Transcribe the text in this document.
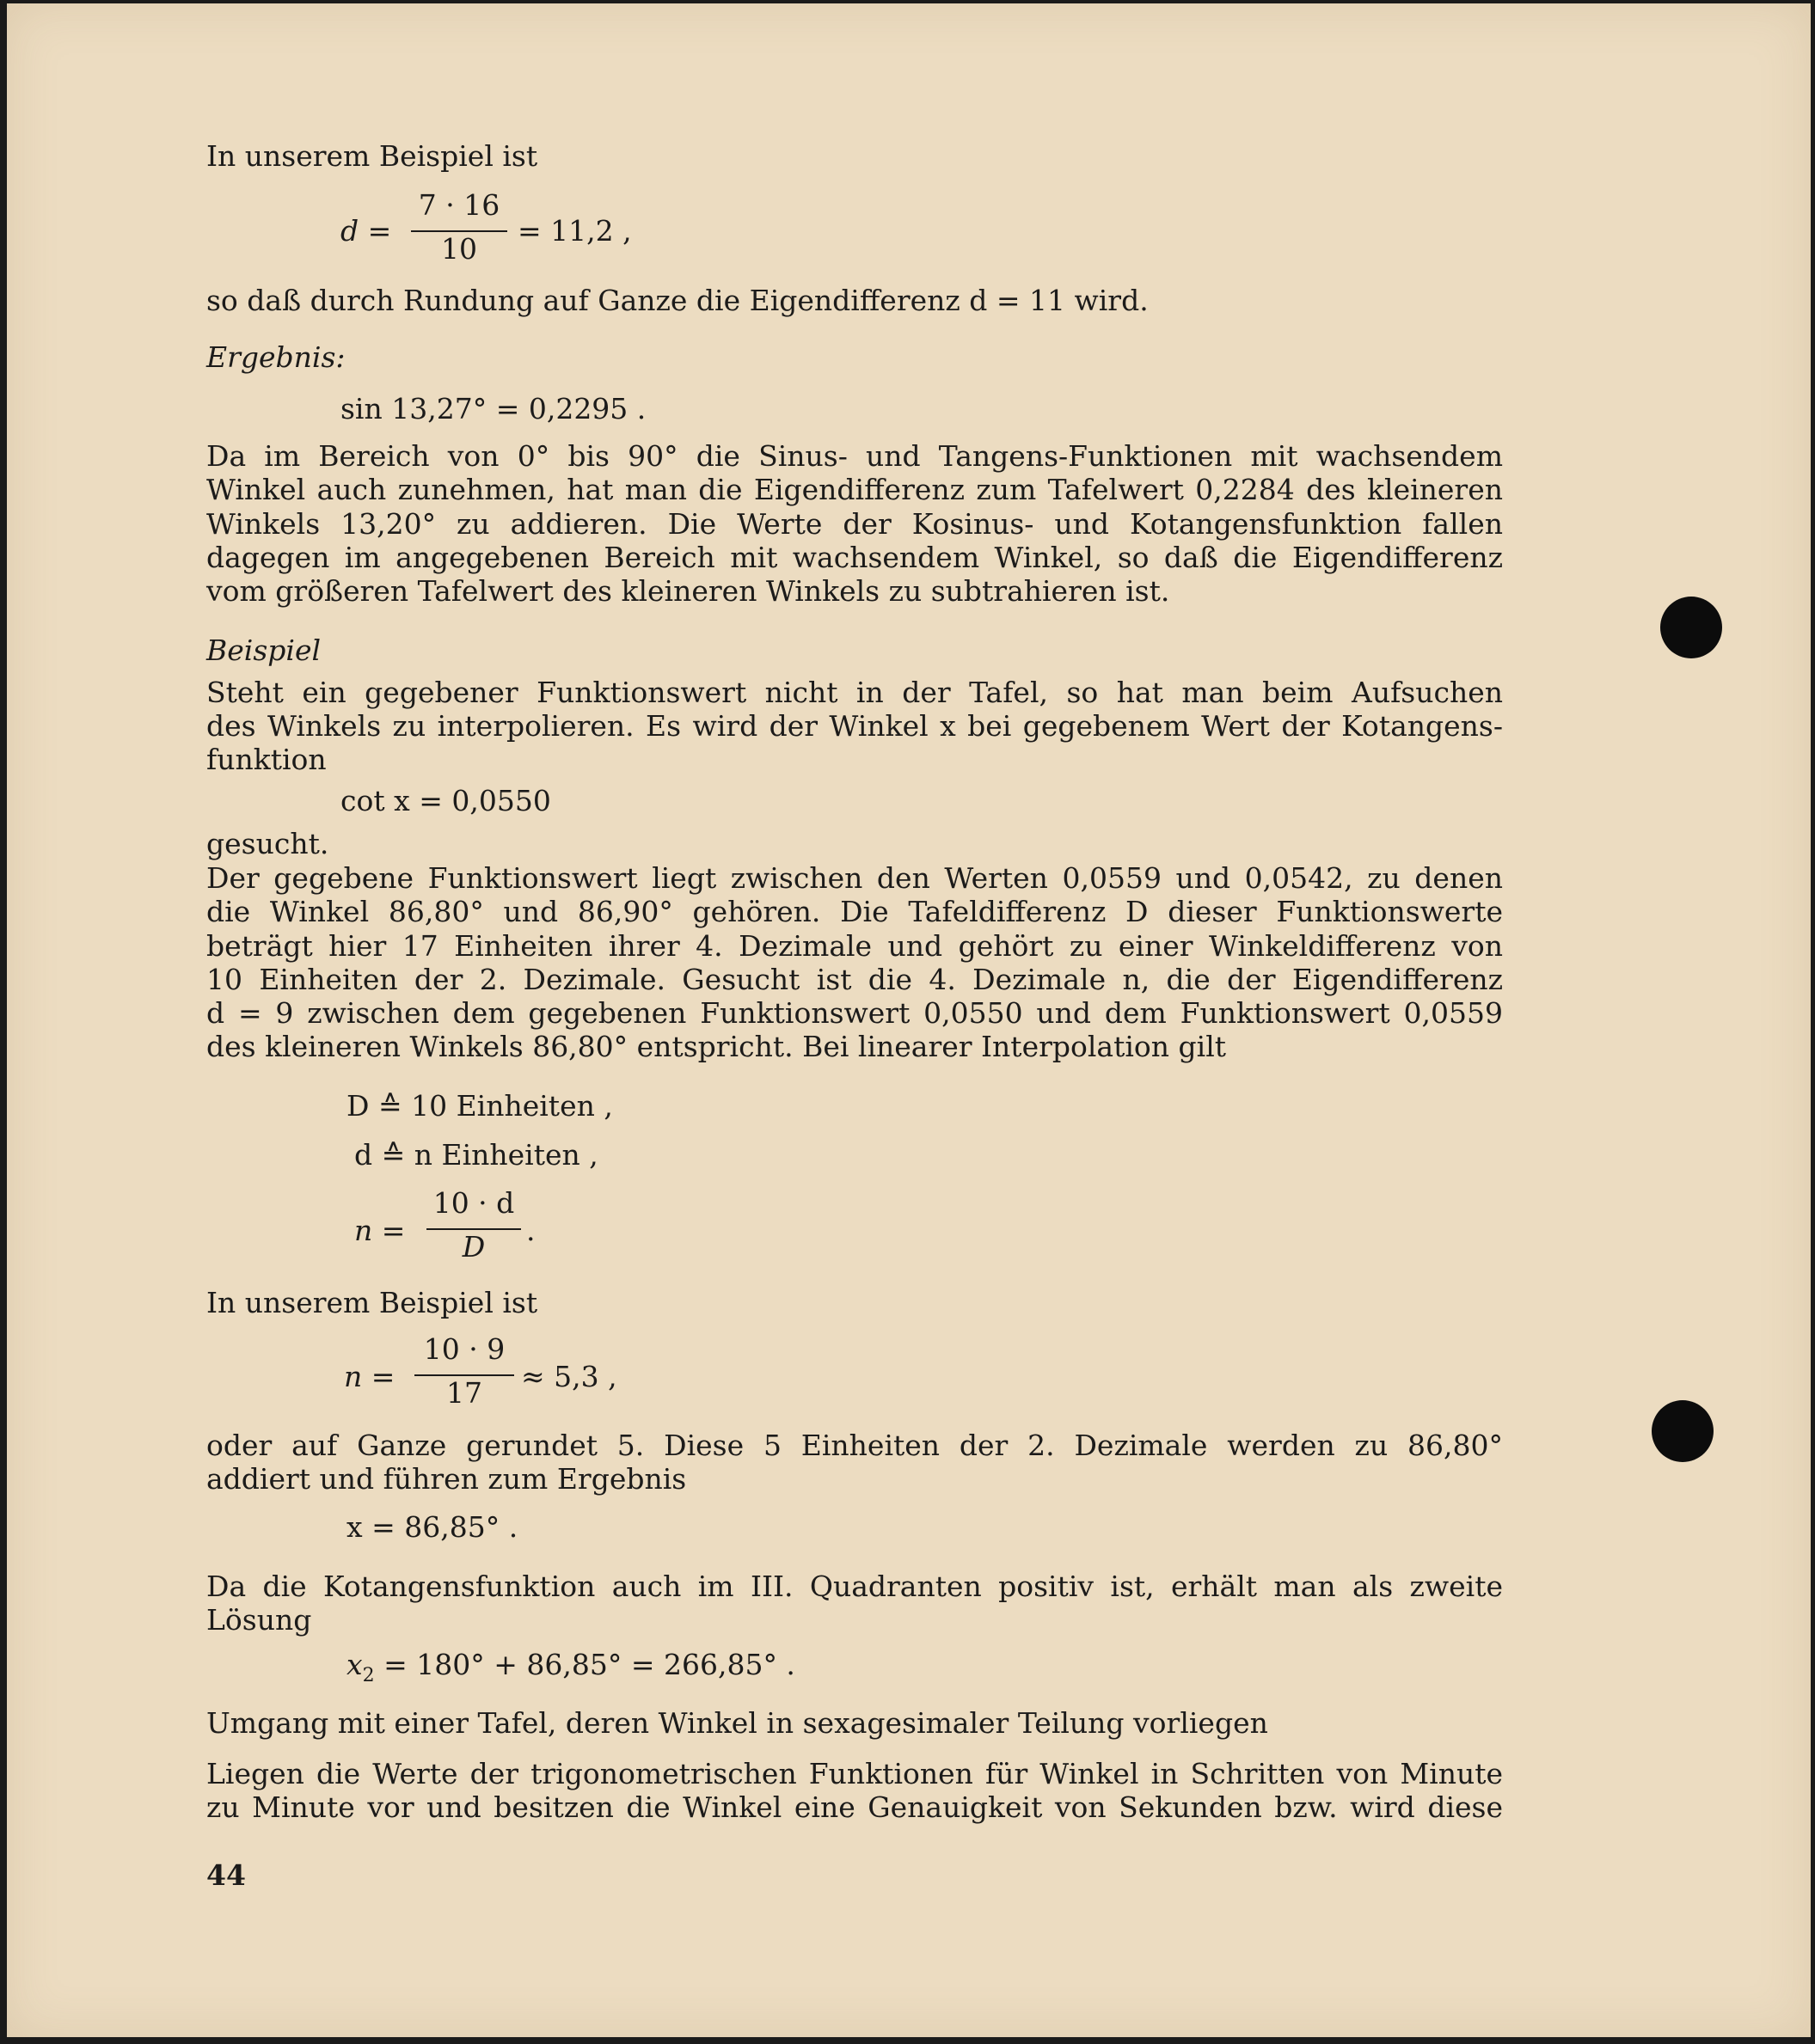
In unserem Beispiel ist
d =
7 · 16
10
= 11,2 ,
so daß durch Rundung auf Ganze die Eigendifferenz d = 11 wird.
Ergebnis:
sin 13,27° = 0,2295 .
Da im Bereich von 0° bis 90° die Sinus- und Tangens-Funktionen mit wachsendem
Winkel auch zunehmen, hat man die Eigendifferenz zum Tafelwert 0,2284 des kleineren
Winkels 13,20° zu addieren. Die Werte der Kosinus- und Kotangensfunktion fallen
dagegen im angegebenen Bereich mit wachsendem Winkel, so daß die Eigendifferenz
vom größeren Tafelwert des kleineren Winkels zu subtrahieren ist.
Beispiel
Steht ein gegebener Funktionswert nicht in der Tafel, so hat man beim Aufsuchen
des Winkels zu interpolieren. Es wird der Winkel x bei gegebenem Wert der Kotangens-
funktion
cot x = 0,0550
gesucht.
Der gegebene Funktionswert liegt zwischen den Werten 0,0559 und 0,0542, zu denen
die Winkel 86,80° und 86,90° gehören. Die Tafeldifferenz D dieser Funktionswerte
beträgt hier 17 Einheiten ihrer 4. Dezimale und gehört zu einer Winkeldifferenz von
10 Einheiten der 2. Dezimale. Gesucht ist die 4. Dezimale n, die der Eigendifferenz
d = 9 zwischen dem gegebenen Funktionswert 0,0550 und dem Funktionswert 0,0559
des kleineren Winkels 86,80° entspricht. Bei linearer Interpolation gilt
D ≙ 10 Einheiten ,
d ≙ n Einheiten ,
n =
10 · d
D	.
In unserem Beispiel ist
n =
10 · 9
17	≈ 5,3 ,
oder auf Ganze gerundet 5. Diese 5 Einheiten der 2. Dezimale werden zu 86,80°
addiert und führen zum Ergebnis
x = 86,85° .
Da die Kotangensfunktion auch im III. Quadranten positiv ist, erhält man als zweite
Lösung
$x_2 = 180^\circ + 86,85^\circ = 266,85^\circ$ .
Umgang mit einer Tafel, deren Winkel in sexagesimaler Teilung vorliegen
Liegen die Werte der trigonometrischen Funktionen für Winkel in Schritten von Minute
zu Minute vor und besitzen die Winkel eine Genauigkeit von Sekunden bzw. wird diese
44
